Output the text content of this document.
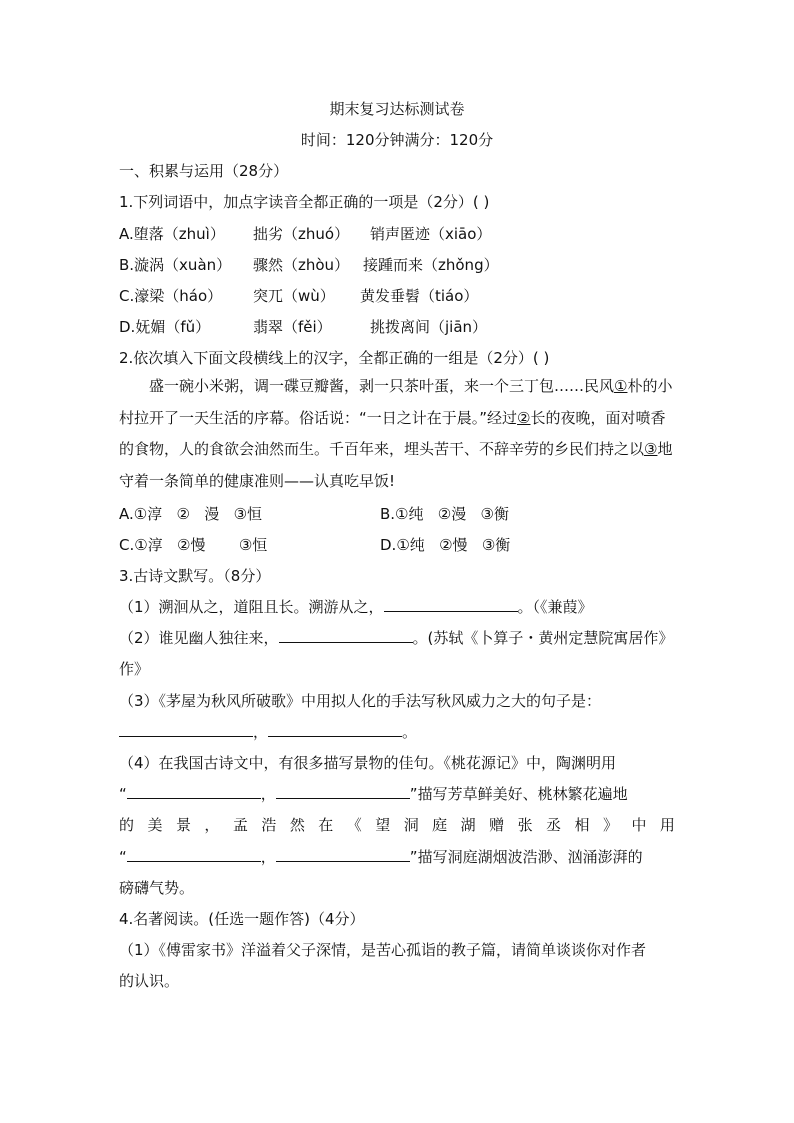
期末复习达标测试卷
时间：120分钟满分：120分
一、积累与运用（28分）
1.下列词语中，加点字读音全都正确的一项是（2分）( )
A.堕落（zhuì） 拙劣（zhuó） 销声匿迹（xiāo）
B.漩涡（xuàn） 骤然（zhòu） 接踵而来（zhǒng）
C.濠梁（háo） 突兀（wù） 黄发垂髫（tiáo）
D.妩媚（fǔ）	翡翠（fěi）	挑拨离间（jiān）
2.依次填入下面文段横线上的汉字，全都正确的一组是（2分）( )
盛一碗小米粥，调一碟豆瓣酱，剥一只茶叶蛋，来一个三丁包……民风①朴的小村拉开了一天生活的序幕。俗话说：“一日之计在于晨。”经过②长的夜晚，面对喷香的食物，人的食欲会油然而生。千百年来，埋头苦干、不辞辛劳的乡民们持之以③地守着一条简单的健康准则——认真吃早饭!
A.①淳   ②   漫   ③恒	B.①纯   ②漫   ③衡
C.①淳   ②慢       ③恒	D.①纯   ②慢   ③衡
3.古诗文默写。（8分）
（1）溯洄从之，道阻且长。溯游从之，	。（《兼葭》
（2）谁见幽人独往来，	。(苏轼《卜算子・黄州定慧院寓居作》
作》
（3）《茅屋为秋风所破歌》中用拟人化的手法写秋风威力之大的句子是：
，	。
（4）在我国古诗文中，有很多描写景物的佳句。《桃花源记》中，陶渊明用
“	，	”描写芳草鲜美好、桃林繁花遍地
的 美 景 ， 孟 浩 然 在 《 望 洞 庭 湖 赠 张 丞 相 》 中 用
“	，	”描写洞庭湖烟波浩渺、汹涌澎湃的
磅礴气势。
4.名著阅读。(任选一题作答)（4分）
（1）《傅雷家书》洋溢着父子深情，是苦心孤诣的教子篇，请简单谈谈你对作者
的认识。
